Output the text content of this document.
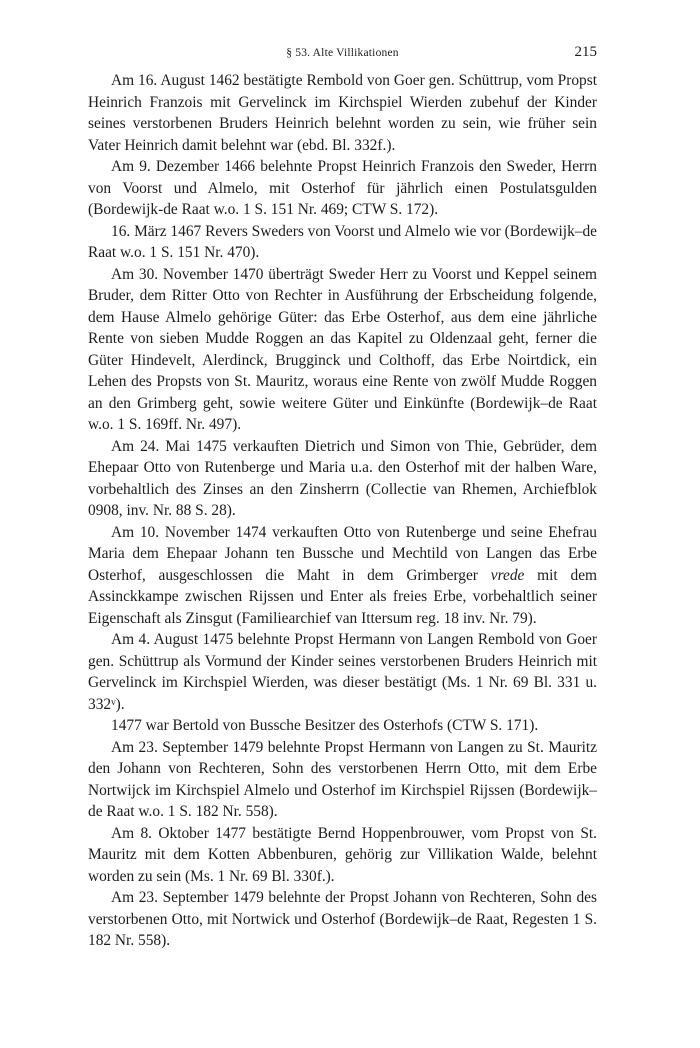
§ 53. Alte Villikationen	215

Am 16. August 1462 bestätigte Rembold von Goer gen. Schüttrup, vom Propst Heinrich Franzois mit Gervelinck im Kirchspiel Wierden zubehuf der Kinder seines verstorbenen Bruders Heinrich belehnt worden zu sein, wie früher sein Vater Heinrich damit belehnt war (ebd. Bl. 332f.).

Am 9. Dezember 1466 belehnte Propst Heinrich Franzois den Sweder, Herrn von Voorst und Almelo, mit Osterhof für jährlich einen Postulatsgulden (Bordewijk-de Raat w.o. 1 S. 151 Nr. 469; CTW S. 172).

16. März 1467 Revers Sweders von Voorst und Almelo wie vor (Bordewijk–de Raat w.o. 1 S. 151 Nr. 470).

Am 30. November 1470 überträgt Sweder Herr zu Voorst und Keppel seinem Bruder, dem Ritter Otto von Rechter in Ausführung der Erbscheidung folgende, dem Hause Almelo gehörige Güter: das Erbe Osterhof, aus dem eine jährliche Rente von sieben Mudde Roggen an das Kapitel zu Oldenzaal geht, ferner die Güter Hindevelt, Alerdinck, Brugginck und Colthoff, das Erbe Noirtdick, ein Lehen des Propsts von St. Mauritz, woraus eine Rente von zwölf Mudde Roggen an den Grimberg geht, sowie weitere Güter und Einkünfte (Bordewijk–de Raat w.o. 1 S. 169ff. Nr. 497).

Am 24. Mai 1475 verkauften Dietrich und Simon von Thie, Gebrüder, dem Ehepaar Otto von Rutenberge und Maria u.a. den Osterhof mit der halben Ware, vorbehaltlich des Zinses an den Zinsherrn (Collectie van Rhemen, Archiefblok 0908, inv. Nr. 88 S. 28).

Am 10. November 1474 verkauften Otto von Rutenberge und seine Ehefrau Maria dem Ehepaar Johann ten Bussche und Mechtild von Langen das Erbe Osterhof, ausgeschlossen die Maht in dem Grimberger vrede mit dem Assinckkampe zwischen Rijssen und Enter als freies Erbe, vorbehaltlich seiner Eigenschaft als Zinsgut (Familiearchief van Ittersum reg. 18 inv. Nr. 79).

Am 4. August 1475 belehnte Propst Hermann von Langen Rembold von Goer gen. Schüttrup als Vormund der Kinder seines verstorbenen Bruders Heinrich mit Gervelinck im Kirchspiel Wierden, was dieser bestätigt (Ms. 1 Nr. 69 Bl. 331 u. 332ᵛ).

1477 war Bertold von Bussche Besitzer des Osterhofs (CTW S. 171).

Am 23. September 1479 belehnte Propst Hermann von Langen zu St. Mauritz den Johann von Rechteren, Sohn des verstorbenen Herrn Otto, mit dem Erbe Nortwijck im Kirchspiel Almelo und Osterhof im Kirchspiel Rijssen (Bordewijk–de Raat w.o. 1 S. 182 Nr. 558).

Am 8. Oktober 1477 bestätigte Bernd Hoppenbrouwer, vom Propst von St. Mauritz mit dem Kotten Abbenburen, gehörig zur Villikation Walde, belehnt worden zu sein (Ms. 1 Nr. 69 Bl. 330f.).

Am 23. September 1479 belehnte der Propst Johann von Rechteren, Sohn des verstorbenen Otto, mit Nortwick und Osterhof (Bordewijk–de Raat, Regesten 1 S. 182 Nr. 558).
